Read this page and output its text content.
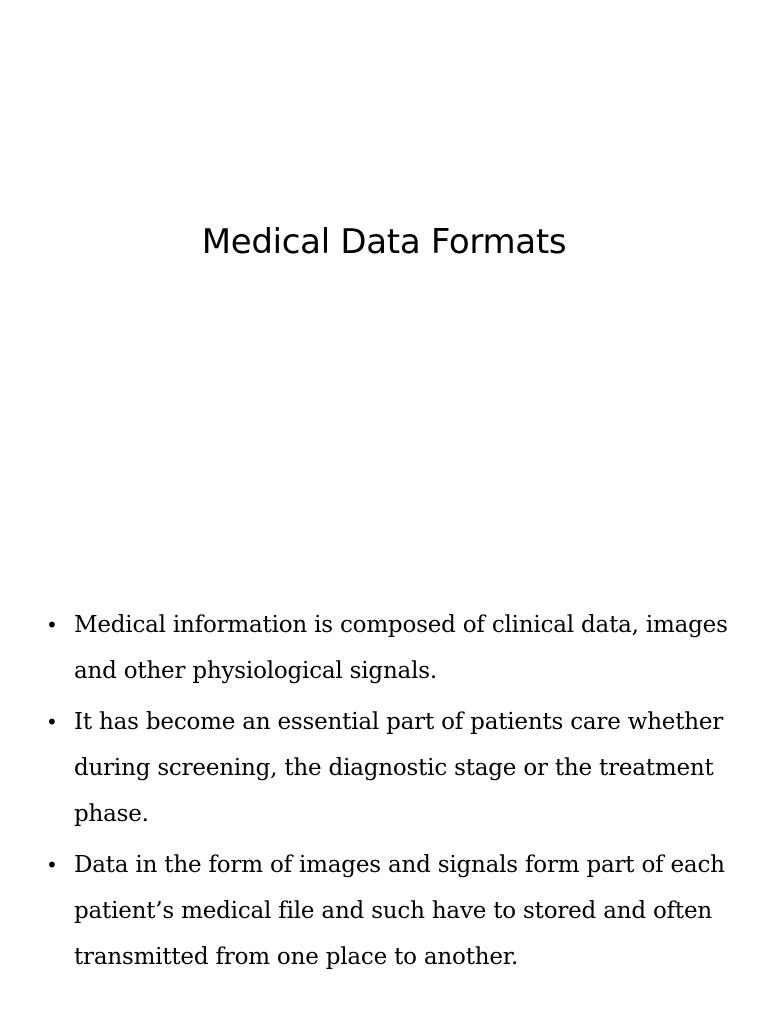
Medical Data Formats
• Medical information is composed of clinical data, images and other physiological signals.
• It has become an essential part of patients care whether during screening, the diagnostic stage or the treatment phase.
• Data in the form of images and signals form part of each patient’s medical file and such have to stored and often transmitted from one place to another.
